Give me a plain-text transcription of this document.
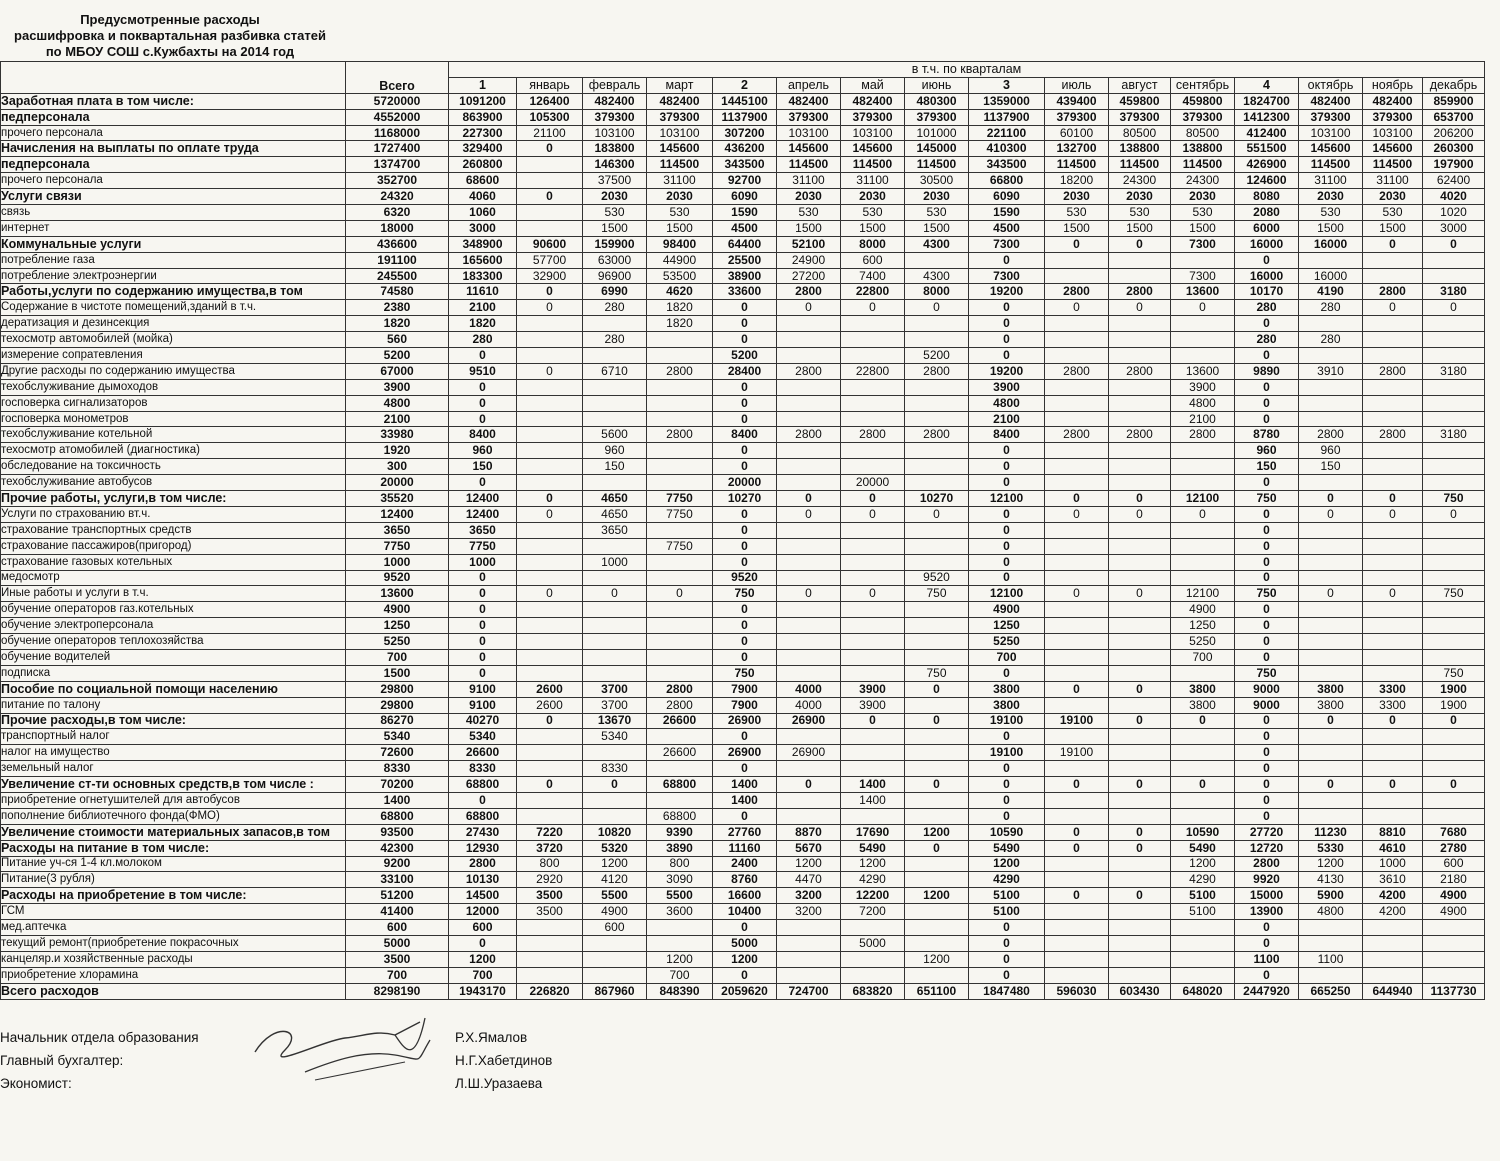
Предусмотренные расходы
расшифровка и поквартальная разбивка статей
по МБОУ СОШ с.Кужбахты на 2014 год
	Всего	в т.ч. по кварталам															
		1	январь	февраль	март	2	апрель	май	июнь	3	июль	август	сентябрь	4	октябрь	ноябрь	декабрь
Заработная плата в том числе:	5720000	1091200	126400	482400	482400	1445100	482400	482400	480300	1359000	439400	459800	459800	1824700	482400	482400	859900
педперсонала	4552000	863900	105300	379300	379300	1137900	379300	379300	379300	1137900	379300	379300	379300	1412300	379300	379300	653700
прочего персонала	1168000	227300	21100	103100	103100	307200	103100	103100	101000	221100	60100	80500	80500	412400	103100	103100	206200
Начисления на выплаты по оплате труда	1727400	329400	0	183800	145600	436200	145600	145600	145000	410300	132700	138800	138800	551500	145600	145600	260300
педперсонала	1374700	260800		146300	114500	343500	114500	114500	114500	343500	114500	114500	114500	426900	114500	114500	197900
прочего персонала	352700	68600		37500	31100	92700	31100	31100	30500	66800	18200	24300	24300	124600	31100	31100	62400
Услуги связи	24320	4060	0	2030	2030	6090	2030	2030	2030	6090	2030	2030	2030	8080	2030	2030	4020
связь	6320	1060		530	530	1590	530	530	530	1590	530	530	530	2080	530	530	1020
интернет	18000	3000		1500	1500	4500	1500	1500	1500	4500	1500	1500	1500	6000	1500	1500	3000
Коммунальные услуги	436600	348900	90600	159900	98400	64400	52100	8000	4300	7300	0	0	7300	16000	16000	0	0
потребление газа	191100	165600	57700	63000	44900	25500	24900	600		0				0			
потребление электроэнергии	245500	183300	32900	96900	53500	38900	27200	7400	4300	7300			7300	16000	16000		
Работы,услуги по содержанию имущества,в том	74580	11610	0	6990	4620	33600	2800	22800	8000	19200	2800	2800	13600	10170	4190	2800	3180
Содержание в чистоте помещений,зданий в т.ч.	2380	2100	0	280	1820	0	0	0	0	0	0	0	0	280	280	0	0
дератизация и дезинсекция	1820	1820			1820	0				0				0			
техосмотр автомобилей (мойка)	560	280		280		0				0				280	280		
измерение сопратевления	5200	0				5200			5200	0				0			
Другие расходы по содержанию имущества	67000	9510	0	6710	2800	28400	2800	22800	2800	19200	2800	2800	13600	9890	3910	2800	3180
техобслуживание дымоходов	3900	0				0				3900			3900	0			
госповерка сигнализаторов	4800	0				0				4800			4800	0			
госповерка монометров	2100	0				0				2100			2100	0			
техобслуживание котельной	33980	8400		5600	2800	8400	2800	2800	2800	8400	2800	2800	2800	8780	2800	2800	3180
техосмотр атомобилей (диагностика)	1920	960		960		0				0				960	960		
обследование на токсичность	300	150		150		0				0				150	150		
техобслуживание автобусов	20000	0				20000		20000		0				0			
Прочие работы, услуги,в том числе:	35520	12400	0	4650	7750	10270	0	0	10270	12100	0	0	12100	750	0	0	750
Услуги по страхованию вт.ч.	12400	12400	0	4650	7750	0	0	0	0	0	0	0	0	0	0	0	0
страхование транспортных средств	3650	3650		3650		0				0				0			
страхование пассажиров(пригород)	7750	7750			7750	0				0				0			
страхование газовых котельных	1000	1000		1000		0				0				0			
медосмотр	9520	0				9520			9520	0				0			
Иные работы и услуги в т.ч.	13600	0	0	0	0	750	0	0	750	12100	0	0	12100	750	0	0	750
обучение операторов газ.котельных	4900	0				0				4900			4900	0			
обучение электроперсонала	1250	0				0				1250			1250	0			
обучение операторов теплохозяйства	5250	0				0				5250			5250	0			
обучение водителей	700	0				0				700			700	0			
подписка	1500	0				750			750	0				750			750
Пособие по социальной помощи населению	29800	9100	2600	3700	2800	7900	4000	3900	0	3800	0	0	3800	9000	3800	3300	1900
питание по талону	29800	9100	2600	3700	2800	7900	4000	3900		3800			3800	9000	3800	3300	1900
Прочие расходы,в том числе:	86270	40270	0	13670	26600	26900	26900	0	0	19100	19100	0	0	0	0	0	0
транспортный налог	5340	5340		5340		0				0				0			
налог на имущество	72600	26600			26600	26900	26900			19100	19100			0			
земельный налог	8330	8330		8330		0				0				0			
Увеличение ст-ти основных средств,в том числе :	70200	68800	0	0	68800	1400	0	1400	0	0	0	0	0	0	0	0	0
приобретение огнетушителей для автобусов	1400	0				1400		1400		0				0			
пополнение библиотечного фонда(ФМО)	68800	68800			68800	0				0				0			
Увеличение стоимости материальных запасов,в том	93500	27430	7220	10820	9390	27760	8870	17690	1200	10590	0	0	10590	27720	11230	8810	7680
Расходы на питание в том числе:	42300	12930	3720	5320	3890	11160	5670	5490	0	5490	0	0	5490	12720	5330	4610	2780
Питание уч-ся 1-4 кл.молоком	9200	2800	800	1200	800	2400	1200	1200		1200			1200	2800	1200	1000	600
Питание(3 рубля)	33100	10130	2920	4120	3090	8760	4470	4290		4290			4290	9920	4130	3610	2180
Расходы на приобретение в том числе:	51200	14500	3500	5500	5500	16600	3200	12200	1200	5100	0	0	5100	15000	5900	4200	4900
ГСМ	41400	12000	3500	4900	3600	10400	3200	7200		5100			5100	13900	4800	4200	4900
мед.аптечка	600	600		600		0				0				0			
текущий ремонт(приобретение покрасочных	5000	0				5000		5000		0				0			
канцеляр.и хозяйственные расходы	3500	1200			1200	1200			1200	0				1100	1100		
приобретение хлорамина	700	700			700	0				0				0			
Всего расходов	8298190	1943170	226820	867960	848390	2059620	724700	683820	651100	1847480	596030	603430	648020	2447920	665250	644940	1137730
Начальник отдела образования	Р.Х.Ямалов
Главный бухгалтер:	Н.Г.Хабетдинов
Экономист:	Л.Ш.Уразаева
